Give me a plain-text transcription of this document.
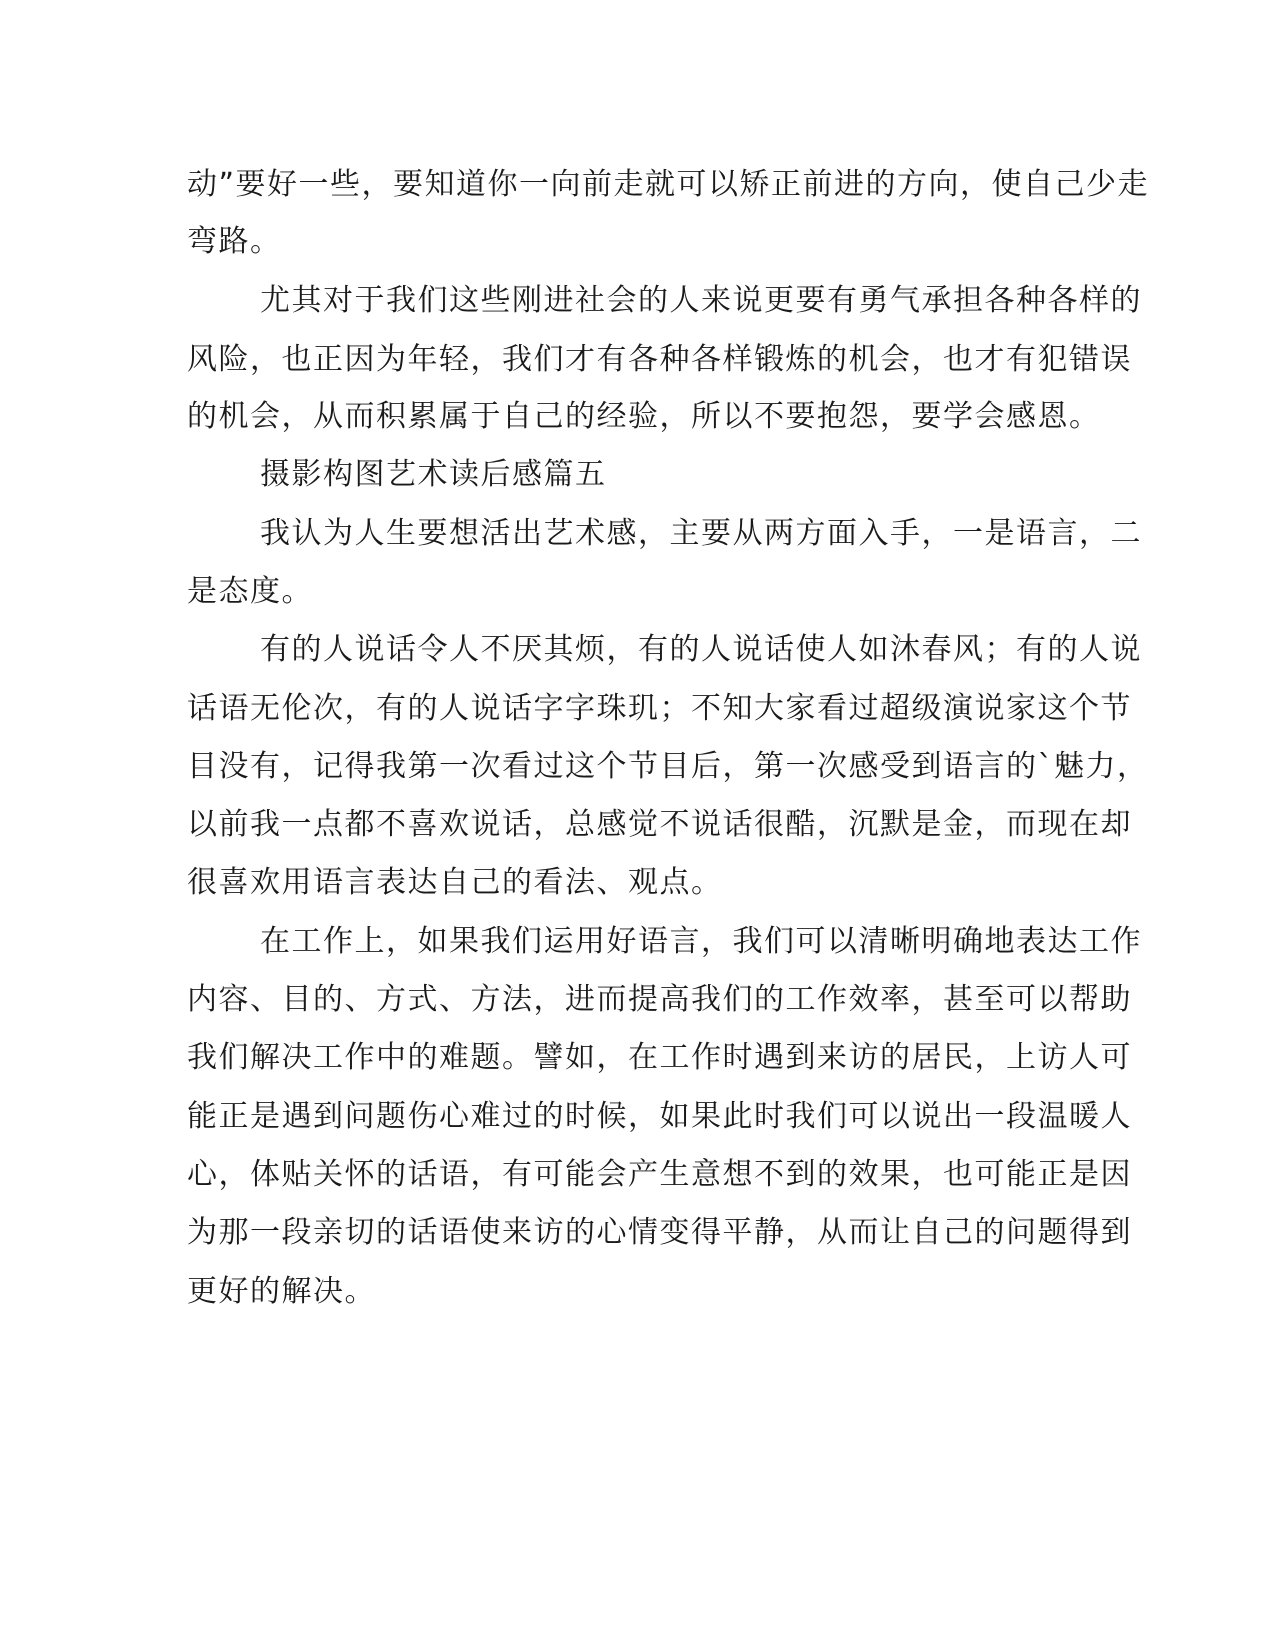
动”要好一些，要知道你一向前走就可以矫正前进的方向，使自己少走
弯路。
尤其对于我们这些刚进社会的人来说更要有勇气承担各种各样的
风险，也正因为年轻，我们才有各种各样锻炼的机会，也才有犯错误
的机会，从而积累属于自己的经验，所以不要抱怨，要学会感恩。
摄影构图艺术读后感篇五
我认为人生要想活出艺术感，主要从两方面入手，一是语言，二
是态度。
有的人说话令人不厌其烦，有的人说话使人如沐春风；有的人说
话语无伦次，有的人说话字字珠玑；不知大家看过超级演说家这个节
目没有，记得我第一次看过这个节目后，第一次感受到语言的`魅力，
以前我一点都不喜欢说话，总感觉不说话很酷，沉默是金，而现在却
很喜欢用语言表达自己的看法、观点。
在工作上，如果我们运用好语言，我们可以清晰明确地表达工作
内容、目的、方式、方法，进而提高我们的工作效率，甚至可以帮助
我们解决工作中的难题。譬如，在工作时遇到来访的居民，上访人可
能正是遇到问题伤心难过的时候，如果此时我们可以说出一段温暖人
心，体贴关怀的话语，有可能会产生意想不到的效果，也可能正是因
为那一段亲切的话语使来访的心情变得平静，从而让自己的问题得到
更好的解决。
